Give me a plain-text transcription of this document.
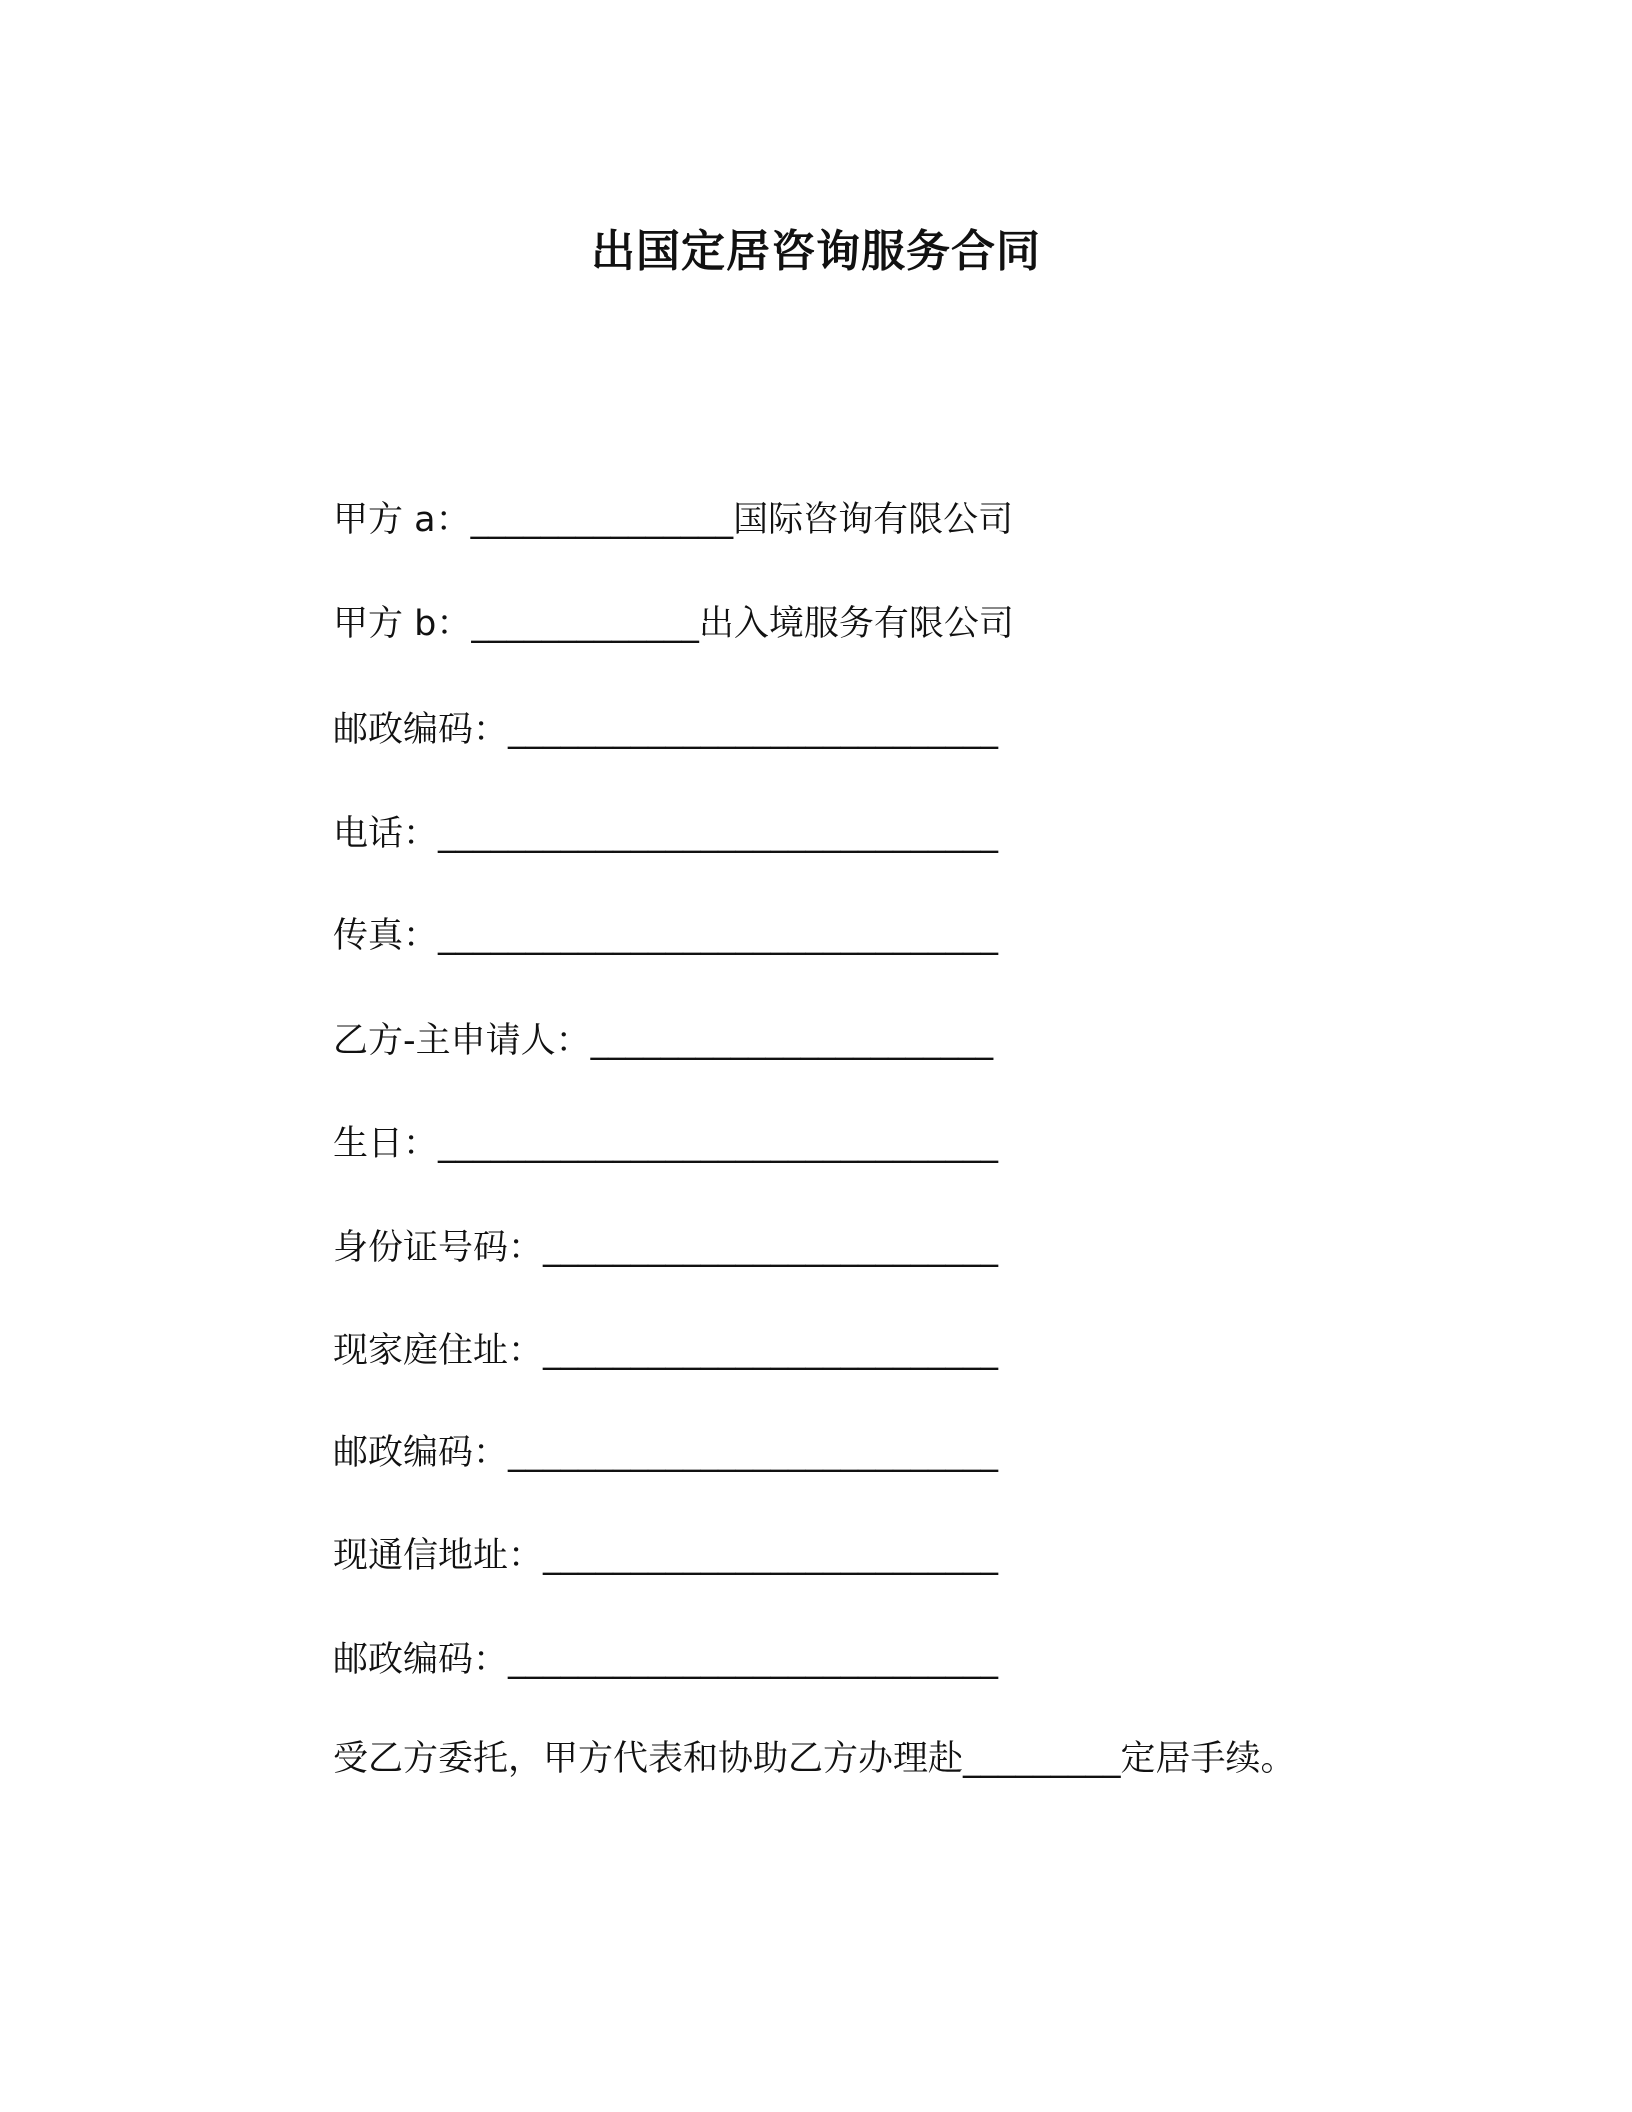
出国定居咨询服务合同
甲方 a：_______________国际咨询有限公司
甲方 b：_____________出入境服务有限公司
邮政编码：____________________________
电话：________________________________
传真：________________________________
乙方-主申请人：_______________________
生日：________________________________
身份证号码：__________________________
现家庭住址：__________________________
邮政编码：____________________________
现通信地址：__________________________
邮政编码：____________________________
受乙方委托，甲方代表和协助乙方办理赴_________定居手续。
